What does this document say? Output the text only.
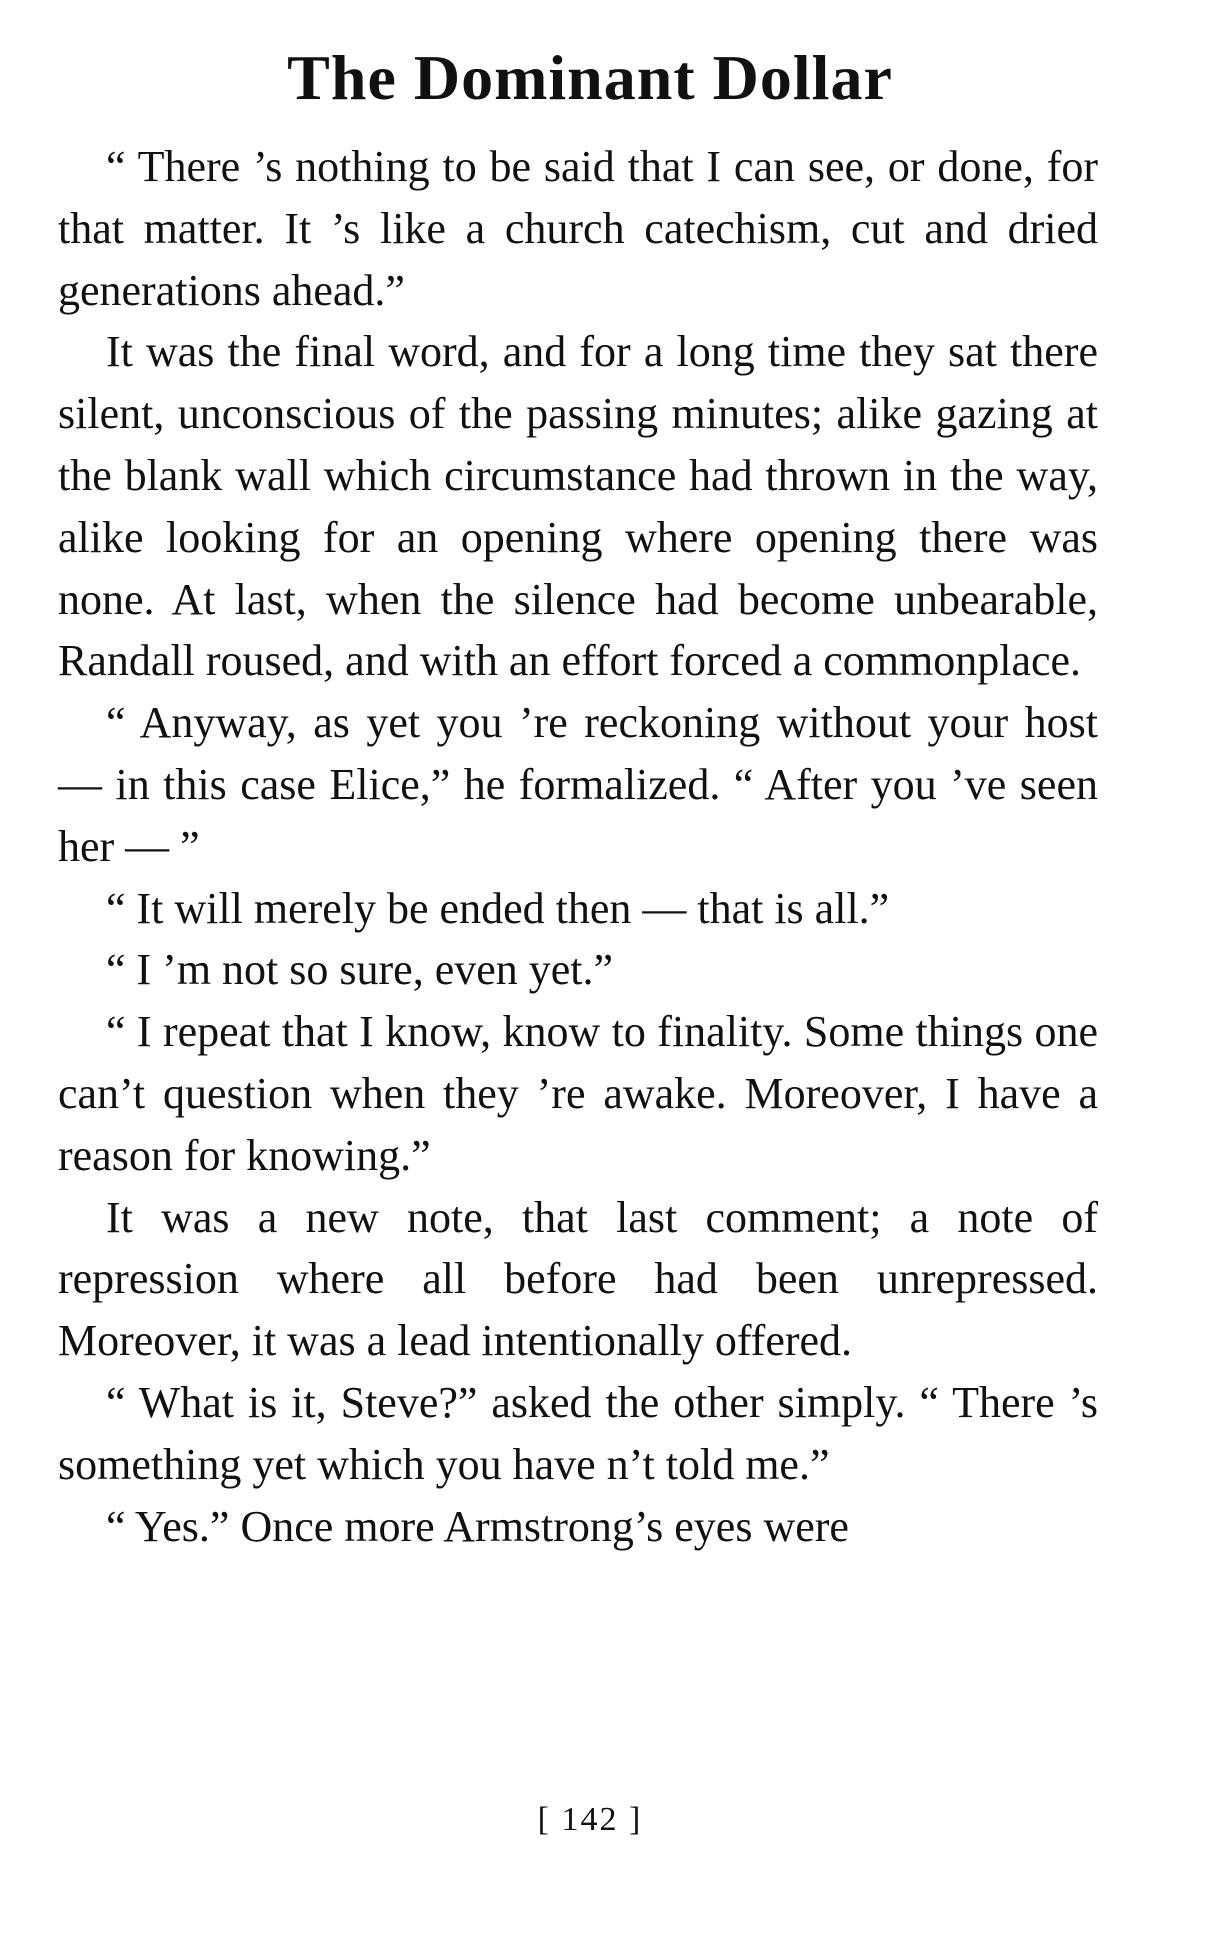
The Dominant Dollar

“ There ’s nothing to be said that I can see, or done, for that matter. It ’s like a church catechism, cut and dried generations ahead.”

It was the final word, and for a long time they sat there silent, unconscious of the passing minutes; alike gazing at the blank wall which circumstance had thrown in the way, alike looking for an opening where opening there was none. At last, when the silence had become unbearable, Randall roused, and with an effort forced a commonplace.

“ Anyway, as yet you ’re reckoning without your host — in this case Elice,” he formalized. “ After you ’ve seen her — ”

“ It will merely be ended then — that is all.”

“ I ’m not so sure, even yet.”

“ I repeat that I know, know to finality. Some things one can’t question when they ’re awake. Moreover, I have a reason for knowing.”

It was a new note, that last comment; a note of repression where all before had been unrepressed. Moreover, it was a lead intentionally offered.

“ What is it, Steve?” asked the other simply. “ There ’s something yet which you have n’t told me.”

“ Yes.” Once more Armstrong’s eyes were

[ 142 ]
